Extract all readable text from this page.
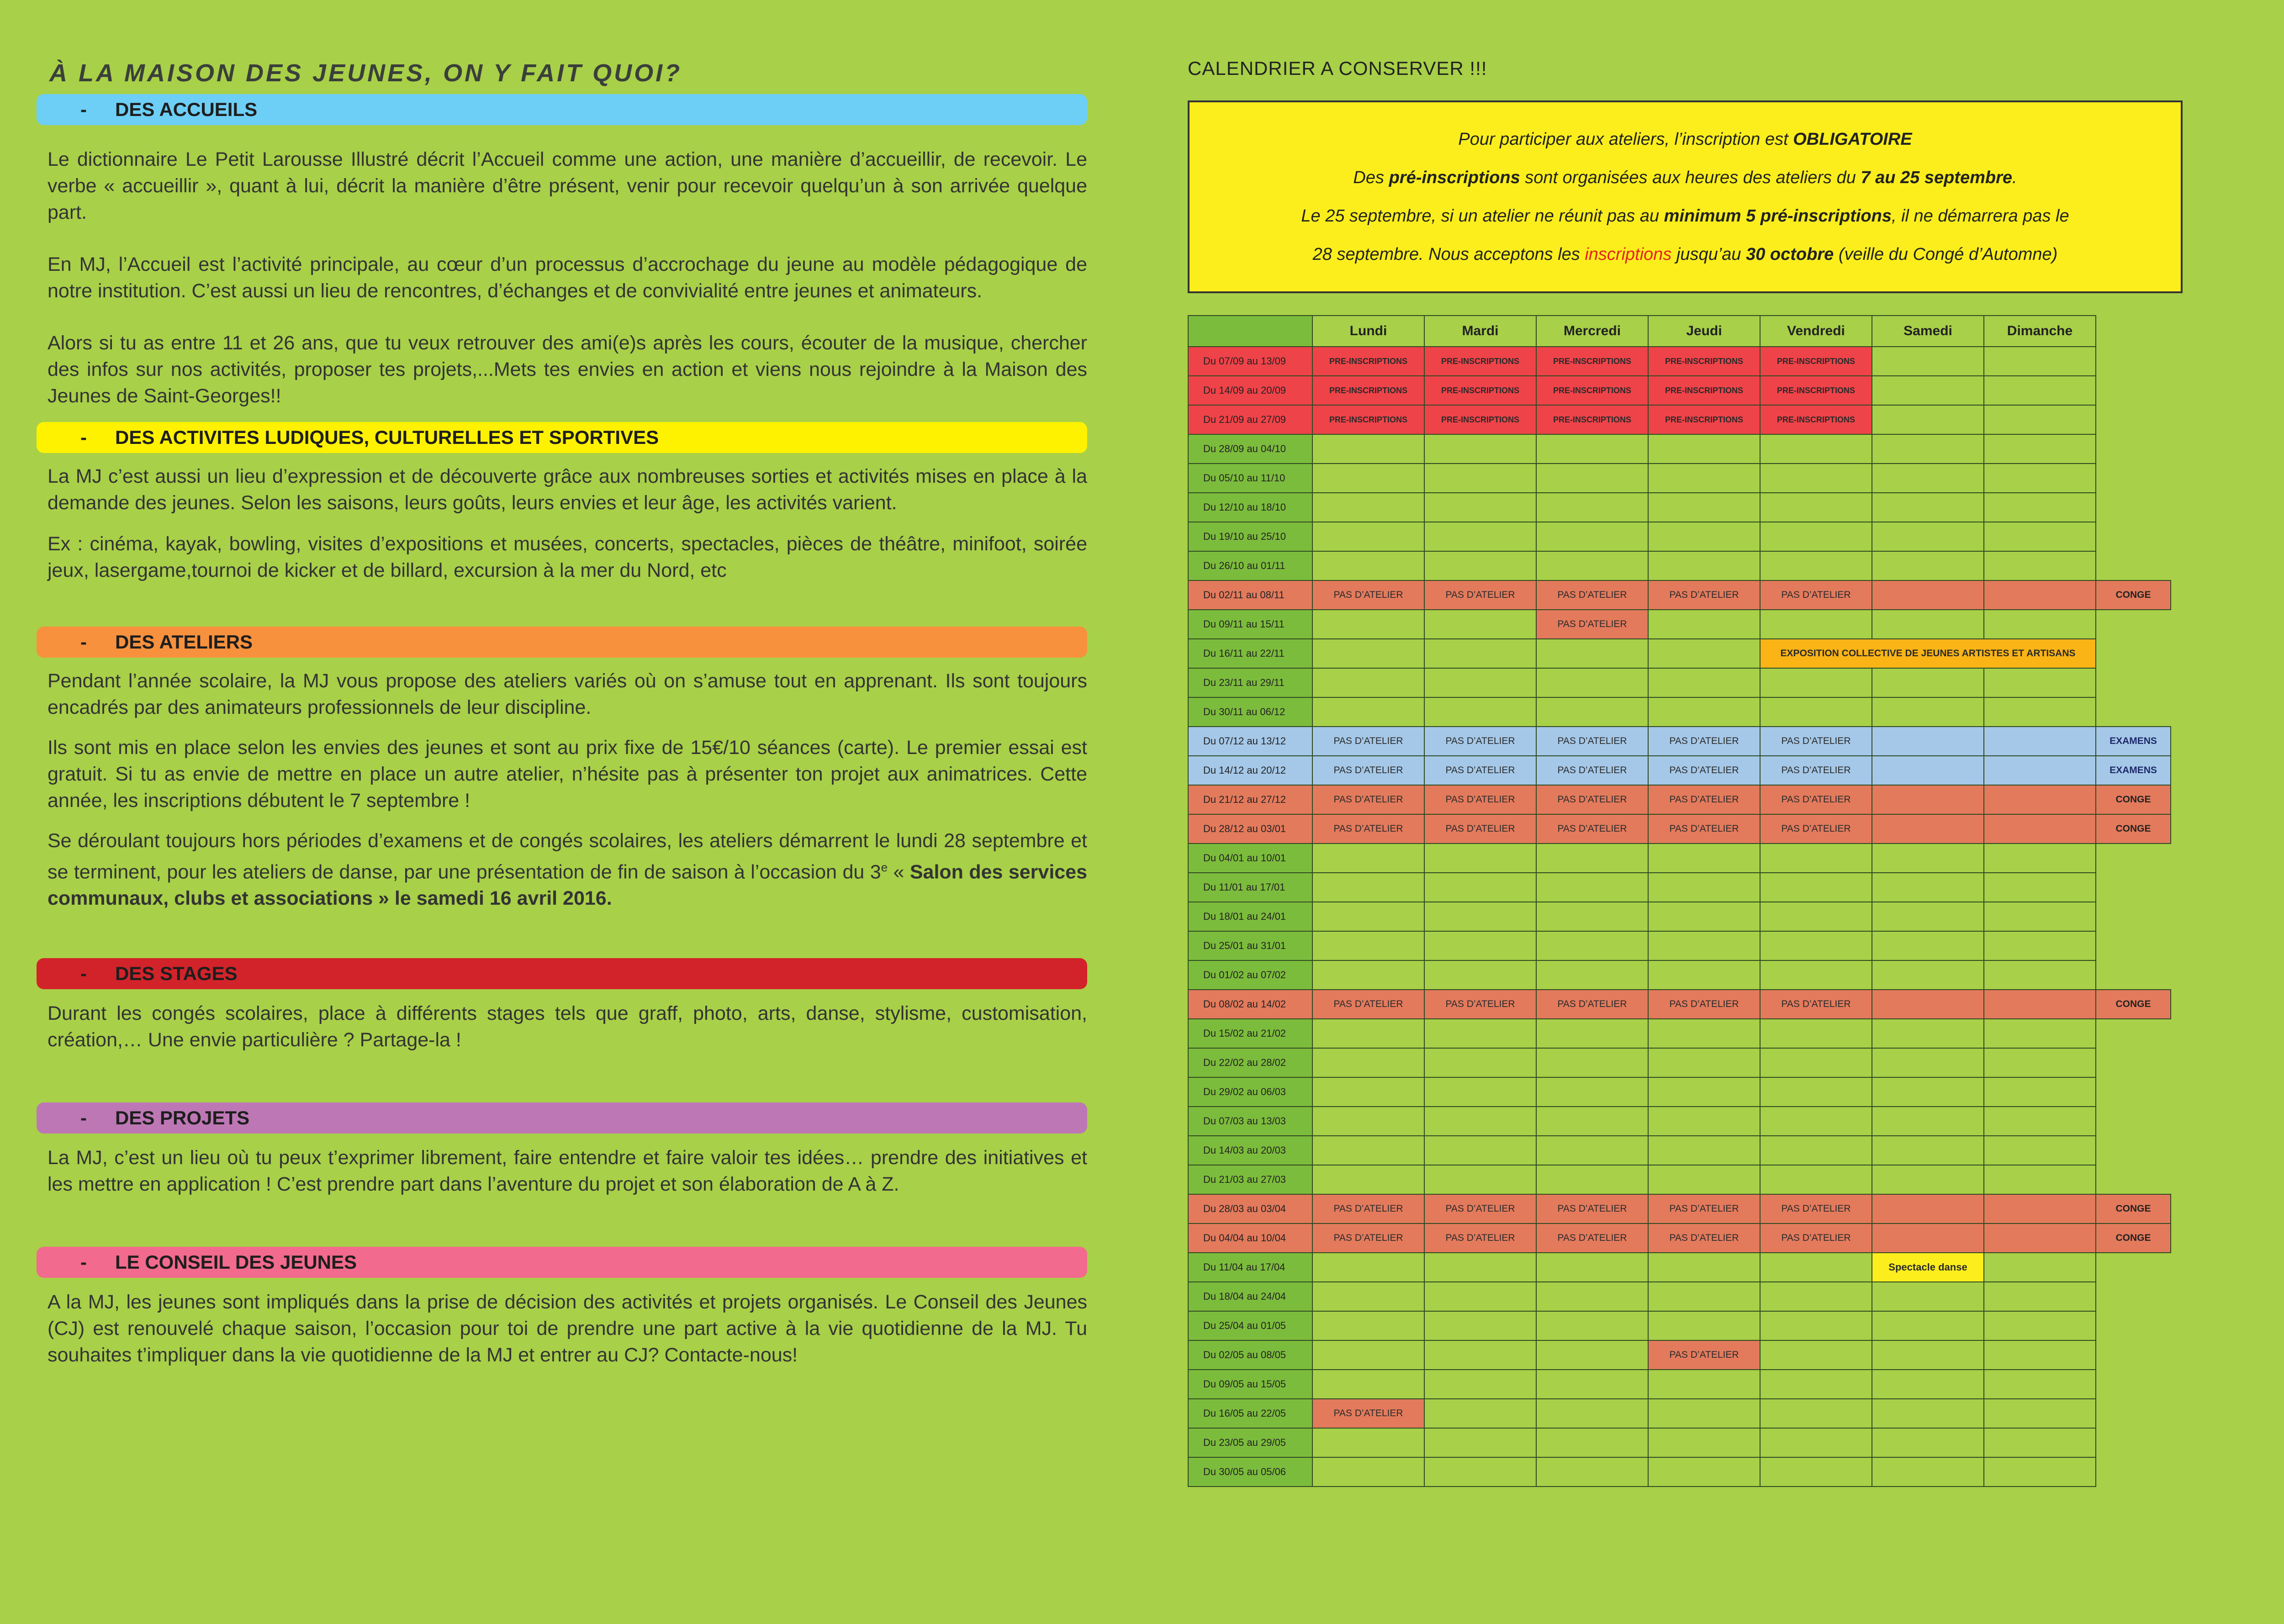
À LA MAISON DES JEUNES, ON Y FAIT QUOI?
- DES ACCUEILS

Le dictionnaire Le Petit Larousse Illustré décrit l’Accueil comme une action, une manière d’accueillir, de recevoir. Le verbe « accueillir », quant à lui, décrit la manière d’être présent, venir pour recevoir quelqu’un à son arrivée quelque part.

En MJ, l’Accueil est l’activité principale, au cœur d’un processus d’accrochage du jeune au modèle pédagogique de notre institution. C’est aussi un lieu de rencontres, d’échanges et de convivialité entre jeunes et animateurs.

Alors si tu as entre 11 et 26 ans, que tu veux retrouver des ami(e)s après les cours, écouter de la musique, chercher des infos sur nos activités, proposer tes projets,...Mets tes envies en action et viens nous rejoindre à la Maison des Jeunes de Saint-Georges!!

- DES ACTIVITES LUDIQUES, CULTURELLES ET SPORTIVES

La MJ c’est aussi un lieu d’expression et de découverte grâce aux nombreuses sorties et activités mises en place à la demande des jeunes. Selon les saisons, leurs goûts, leurs envies et leur âge, les activités varient.

Ex : cinéma, kayak, bowling, visites d’expositions et musées, concerts, spectacles, pièces de théâtre, minifoot, soirée jeux, lasergame,tournoi de kicker et de billard, excursion à la mer du Nord, etc

- DES ATELIERS

Pendant l’année scolaire, la MJ vous propose des ateliers variés où on s’amuse tout en apprenant. Ils sont toujours encadrés par des animateurs professionnels de leur discipline.

Ils sont mis en place selon les envies des jeunes et sont au prix fixe de 15€/10 séances (carte). Le premier essai est gratuit. Si tu as envie de mettre en place un autre atelier, n’hésite pas à présenter ton projet aux animatrices. Cette année, les inscriptions débutent le 7 septembre !

Se déroulant toujours hors périodes d’examens et de congés scolaires, les ateliers démarrent le lundi 28 septembre et se terminent, pour les ateliers de danse, par une présentation de fin de saison à l’occasion du 3e « Salon des services communaux, clubs et associations » le samedi 16 avril 2016.

- DES STAGES

Durant les congés scolaires, place à différents stages tels que graff, photo, arts, danse, stylisme, customisation, création,… Une envie particulière ? Partage-la !

- DES PROJETS

La MJ, c’est un lieu où tu peux t’exprimer librement, faire entendre et faire valoir tes idées… prendre des initiatives et les mettre en application ! C’est prendre part dans l’aventure du projet et son élaboration de A à Z.

- LE CONSEIL DES JEUNES

A la MJ, les jeunes sont impliqués dans la prise de décision des activités et projets organisés. Le Conseil des Jeunes (CJ) est renouvelé chaque saison, l’occasion pour toi de prendre une part active à la vie quotidienne de la MJ. Tu souhaites t’impliquer dans la vie quotidienne de la MJ et entrer au CJ? Contacte-nous!

CALENDRIER A CONSERVER !!!

Pour participer aux ateliers, l’inscription est OBLIGATOIRE

Des pré-inscriptions sont organisées aux heures des ateliers du 7 au 25 septembre.

Le 25 septembre, si un atelier ne réunit pas au minimum 5 pré-inscriptions, il ne démarrera pas le

28 septembre. Nous acceptons les inscriptions jusqu’au 30 octobre (veille du Congé d’Automne)

	Lundi	Mardi	Mercredi	Jeudi	Vendredi	Samedi	Dimanche	
Du 07/09 au 13/09	PRE-INSCRIPTIONS	PRE-INSCRIPTIONS	PRE-INSCRIPTIONS	PRE-INSCRIPTIONS	PRE-INSCRIPTIONS			
Du 14/09 au 20/09	PRE-INSCRIPTIONS	PRE-INSCRIPTIONS	PRE-INSCRIPTIONS	PRE-INSCRIPTIONS	PRE-INSCRIPTIONS			
Du 21/09 au 27/09	PRE-INSCRIPTIONS	PRE-INSCRIPTIONS	PRE-INSCRIPTIONS	PRE-INSCRIPTIONS	PRE-INSCRIPTIONS			
Du 28/09 au 04/10								
Du 05/10 au 11/10								
Du 12/10 au 18/10								
Du 19/10 au 25/10								
Du 26/10 au 01/11								
Du 02/11 au 08/11	PAS D’ATELIER	PAS D’ATELIER	PAS D’ATELIER	PAS D’ATELIER	PAS D’ATELIER			CONGE
Du 09/11 au 15/11			PAS D’ATELIER					
Du 16/11 au 22/11					EXPOSITION COLLECTIVE DE JEUNES ARTISTES ET ARTISANS			
Du 23/11 au 29/11								
Du 30/11 au 06/12								
Du 07/12 au 13/12	PAS D’ATELIER	PAS D’ATELIER	PAS D’ATELIER	PAS D’ATELIER	PAS D’ATELIER			EXAMENS
Du 14/12 au 20/12	PAS D’ATELIER	PAS D’ATELIER	PAS D’ATELIER	PAS D’ATELIER	PAS D’ATELIER			EXAMENS
Du 21/12 au 27/12	PAS D’ATELIER	PAS D’ATELIER	PAS D’ATELIER	PAS D’ATELIER	PAS D’ATELIER			CONGE
Du 28/12 au 03/01	PAS D’ATELIER	PAS D’ATELIER	PAS D’ATELIER	PAS D’ATELIER	PAS D’ATELIER			CONGE
Du 04/01 au 10/01								
Du 11/01 au 17/01								
Du 18/01 au 24/01								
Du 25/01 au 31/01								
Du 01/02 au 07/02								
Du 08/02 au 14/02	PAS D’ATELIER	PAS D’ATELIER	PAS D’ATELIER	PAS D’ATELIER	PAS D’ATELIER			CONGE
Du 15/02 au 21/02								
Du 22/02 au 28/02								
Du 29/02 au 06/03								
Du 07/03 au 13/03								
Du 14/03 au 20/03								
Du 21/03 au 27/03								
Du 28/03 au 03/04	PAS D’ATELIER	PAS D’ATELIER	PAS D’ATELIER	PAS D’ATELIER	PAS D’ATELIER			CONGE
Du 04/04 au 10/04	PAS D’ATELIER	PAS D’ATELIER	PAS D’ATELIER	PAS D’ATELIER	PAS D’ATELIER			CONGE
Du 11/04 au 17/04						Spectacle danse		
Du 18/04 au 24/04								
Du 25/04 au 01/05								
Du 02/05 au 08/05				PAS D’ATELIER				
Du 09/05 au 15/05								
Du 16/05 au 22/05	PAS D’ATELIER							
Du 23/05 au 29/05								
Du 30/05 au 05/06								
